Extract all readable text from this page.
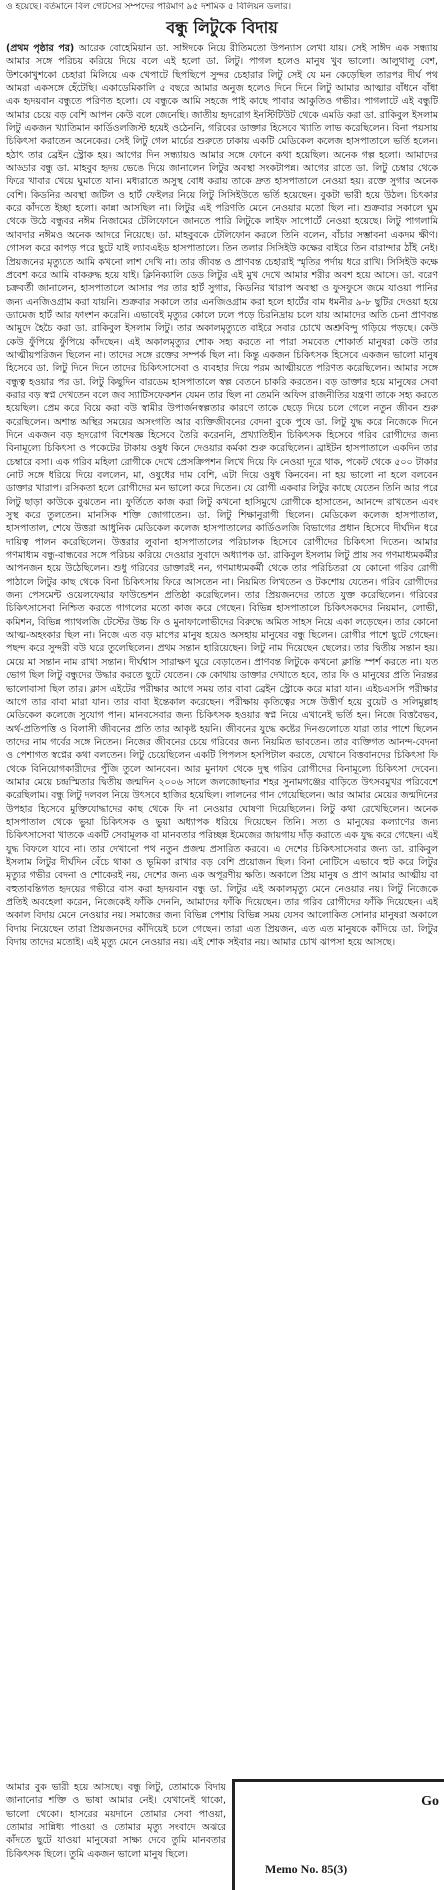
ও হয়েছে। বর্তমানে বিল গেটসের সম্পদের পরিমাণ ৯৫ দশমিক ৫ বিলিয়ন ডলার।
বন্ধু লিটুকে বিদায়
(প্রথম পৃষ্ঠার পর) আরেক বোহেমিয়ান ডা. সাঈদকে নিয়ে রীতিমতো উপন্যাস লেখা যায়। সেই সাঈদ এক সন্ধ্যায় আমার সঙ্গে পরিচয় করিয়ে দিয়ে বলে এই হলো ডা. লিটু। পাগল হলেও মানুষ খুব ভালো। আলুথালু বেশ, উশকোখুশকো চেহারা মিলিয়ে এক খেপাটে ছিপছিপে সুন্দর চেহারার লিটু সেই যে মন কেড়েছিল তারপর দীর্ঘ পথ আমরা একসঙ্গে হেঁটেছি। একাডেমিকালি ৫ বছরে আমার অনুজ হলেও দিনে দিনে লিটু আমার আত্মার বাঁধনে বাঁধা এক হৃদয়বান বন্ধুতে পরিণত হলো। যে বন্ধুকে আমি সহজে পাই কাছে পাবার আকুতিও গভীর। পাগলাটে এই বন্ধুটি আমার চেয়ে বড় বেশি আপন কেউ বলে জেনেছি। জাতীয় হৃদরোগ ইনস্টিটিউট থেকে এমডি করা ডা. রাকিবুল ইসলাম লিটু একজন খ্যাতিমান কার্ডিওলজিস্ট হয়েই ওঠেননি, গরিবের ডাক্তার হিসেবে খ্যাতি লাভ করেছিলেন। বিনা পয়সায় চিকিৎসা করাতেন অনেকের। সেই লিটু গেল মার্চের শুরুতে ঢাকায় একটি মেডিকেল কলেজ হাসপাতালে ভর্তি হলেন। হঠাৎ তার ব্রেইন স্ট্রোক হয়। আগের দিন সন্ধ্যায়ও আমার সঙ্গে ফোনে কথা হয়েছিল। অনেক গল্প হলো। আমাদের আড্ডার বন্ধু ডা. মাহবুব হৃদয় ভেঙে দিয়ে জানালেন লিটুর অবস্থা সংকটাপন্ন। আগের রাতে ডা. লিটু চেম্বার থেকে ফিরে খাবার খেয়ে ঘুমাতে যান। মধ্যরাতে অসুস্থ বোধ করায় তাকে দ্রুত হাসপাতালে নেওয়া হয়। রক্তে সুগার অনেক বেশি। কিডনির অবস্থা জটিল ও হার্ট ফেইলর নিয়ে লিটু সিসিইউতে ভর্তি হয়েছেন। বুকটা ভারী হয়ে উঠল। চিৎকার করে কাঁদতে ইচ্ছা হলো। কান্না আসছিল না। লিটুর এই পরিণতি মেনে নেওয়ার মতো ছিল না। শুক্রবার সকালে ঘুম থেকে উঠে বন্ধুবর নঈম নিজামের টেলিফোনে জানতে পারি লিটুকে লাইফ সাপোর্টে নেওয়া হয়েছে। লিটু পাগলামি আবদার নঈমও অনেক আদরে নিয়েছে। ডা. মাহবুবকে টেলিফোন করলে তিনি বলেন, বাঁচার সম্ভাবনা একদম ক্ষীণ। গোসল করে কাপড় পরে ছুটে যাই ল্যাবএইড হাসপাতালে। তিন তলার সিসিইউ কক্ষের বাইরে তিন বারান্দার ঠাঁই নেই। প্রিয়জনের মৃত্যুতে আমি কখনো লাশ দেখি না। তার জীবন্ত ও প্রাণবন্ত চেহারাই স্মৃতির পর্দায় ধরে রাখি। সিসিইউ কক্ষে প্রবেশ করে আমি বাকরুদ্ধ হয়ে যাই। ক্লিনিক্যালি ডেড লিটুর এই মুখ দেখে আমার শরীর অবশ হয়ে আসে। ডা. বরেণ চক্রবর্তী জানালেন, হাসপাতালে আসার পর তার হার্ট সুগার, কিডনির খারাপ অবস্থা ও ফুসফুসে জমে যাওয়া পানির জন্য এনজিওগ্রাম করা যায়নি। শুক্রবার সকালে তার এনজিওগ্রাম করা হলে হার্টের বাম ধমনীর ৯-৮ ছুটির দেওয়া হয়ে ড্যামেজ হার্ট আর ফাংশন করেনি। এভাবেই মৃত্যুর কোলে ঢলে পড়ে চিরনিদ্রায় চলে যায় আমাদের অতি চেনা প্রাণবন্ত আমুদে হৈচৈ করা ডা. রাকিবুল ইসলাম লিটু। তার অকালমৃত্যুতে বাইরে সবার চোখে অশ্রুবিন্দু গড়িয়ে পড়ছে। কেউ কেউ ফুঁপিয়ে ফুঁপিয়ে কাঁদছেন। এই অকালমৃত্যুর শোক সহ্য করতে না পারা সমবেত শোকার্ত মানুষরা কেউ তার আত্মীয়পরিজন ছিলেন না। তাদের সঙ্গে রক্তের সম্পর্ক ছিল না। কিন্তু একজন চিকিৎসক হিসেবে একজন ভালো মানুষ হিসেবে ডা. লিটু দিনে দিনে তাদের চিকিৎসাসেবা ও ব্যবহার দিয়ে পরম আত্মীয়তে পরিণত করেছিলেন। আমার সঙ্গে বন্ধুত্ব হওয়ার পর ডা. লিটু কিছুদিন বারডেম হাসপাতালে স্বল্প বেতনে চাকরি করতেন। বড় ডাক্তার হয়ে মানুষের সেবা করার বড় স্বপ্ন দেখতেন বলে জব স্যাটিসফেকশন যেমন তার ছিল না তেমনি অফিস রাজনীতির যন্ত্রণা তাকে সহ্য করতে হয়েছিল। প্রেম করে বিয়ে করা বউ স্বামীর উপার্জনস্বল্পতার কারণে তাকে ছেড়ে দিয়ে চলে গেলে নতুন জীবন শুরু করেছিলেন। অশান্ত অস্থির সময়ের অসংগতি আর ব্যক্তিজীবনের বেদনা বুকে পুষে ডা. লিটু যুদ্ধ করে নিজেকে দিনে দিনে একজন বড় হৃদরোগ বিশেষজ্ঞ হিসেবে তৈরি করেননি, প্রখ্যাতিহীন চিকিৎসক হিসেবে গরিব রোগীদের জন্য বিনামূল্যে চিকিৎসা ও পকেটের টাকায় ওষুধ কিনে দেওয়ার কর্মকা শুরু করেছিলেন। ব্রাইটন হাসপাতালে একদিন তার চেম্বারে বসা। এক গরিব মহিলা রোগীকে দেখে প্রেসক্রিপশন লিখে দিয়ে ফি নেওয়া দূরে থাক, পকেট থেকে ৫০০ টাকার নোট সঙ্গে ধরিয়ে দিয়ে বললেন, মা, ওষুধের দাম বেশি, এটা দিয়ে ওষুধ কিনবেন। না হয় ভালো না হলে বলবেন ডাক্তার খারাপ। রসিকতা হলে রোগীদের মন ভালো করে দিতেন। যে রোগী একবার লিটুর কাছে যেতেন তিনি আর পরে লিটু ছাড়া কাউকে বুঝতেন না। ফুর্তিতে কাজ করা লিটু কখনো হাসিমুখে রোগীকে হাসাতেন, আনন্দে রাখতেন এবং সুস্থ করে তুলতেন। মানসিক শক্তি জোগাতেন। ডা. লিটু শিক্ষানুরাগী ছিলেন। মেডিকেল কলেজ হাসপাতাল, হাসপাতাল, শেষে উত্তরা আধুনিক মেডিকেল কলেজ হাসপাতালের কার্ডিওলজি বিভাগের প্রধান হিসেবে দীর্ঘদিন ধরে দায়িত্ব পালন করেছিলেন। উত্তরার লুবানা হাসপাতালের পরিচালক হিসেবে রোগীদের চিকিৎসা দিতেন। আমার গণমাধ্যম বন্ধু-বান্ধবের সঙ্গে পরিচয় করিয়ে দেওয়ার সুবাদে অধ্যাপক ডা. রাকিবুল ইসলাম লিটু প্রায় সব গণমাধ্যমকর্মীর আপনজন হয়ে উঠেছিলেন। শুধু গরিবের ডাক্তারই নন, গণমাধ্যমকর্মী থেকে তার পরিচিতরা যে কোনো গরিব রোগী পাঠালে লিটুর কাছ থেকে বিনা চিকিৎসায় ফিরে আসতেন না। নিয়মিত লিখতেন ও টকশোয় যেতেন। গরিব রোগীদের জন্য পেসমেন্ট ওয়েলফেয়ার ফাউন্ডেশন প্রতিষ্ঠা করেছিলেন। তার প্রিয়জনদের তাতে যুক্ত করেছিলেন। গরিবের চিকিৎসাসেবা নিশ্চিত করতে গাগলের মতো কাজ করে গেছেন। বিভিন্ন হাসপাতালে চিকিৎসকদের নিয়মান, লোভী, কমিশন, বিভিন্ন প্যাথলজি টেস্টের উচ্চ ফি ও মুনাফালোভীদের বিরুদ্ধে অমিত সাহস নিয়ে একা লড়েছেন। তার কোনো আত্ম-অহংকার ছিল না। নিজে এত বড় মাপের মানুষ হয়েও অসহায় মানুষের বন্ধু ছিলেন। রোগীর পাশে ছুটে গেছেন। পছন্দ করে সুন্দরী বউ ঘরে তুলেছিলেন। প্রথম সন্তান হারিয়েছেন। লিটু নাম দিয়েছেন ছেলের। তার দ্বিতীয় সন্তান হয়। মেয়ে মা সন্তান নাম রাখা সন্তান। দীর্ঘশ্বাস সারাক্ষণ ঘুরে বেড়াতেন। প্রাণবন্ত লিটুকে কখনো ক্লান্তি স্পর্শ করতে না। যত ভোগ ছিল লিটু বন্ধুদের উদ্ধার করতে ছুটে যেতেন। কে কোথায় ডাক্তার দেখাতে হবে, তার ফি ও মানুষের প্রতি নিরন্তর ভালোবাসা ছিল তার। ক্লাস এইটের পরীক্ষার আগে সময় তার বাবা ব্রেইন স্ট্রোকে করে মারা যান। এইচএসসি পরীক্ষার আগে তার বাবা মারা যান। তার বাবা ইন্তেকাল করেছেন। পরীক্ষায় কৃতিত্বের সঙ্গে উত্তীর্ণ হয়ে বুয়েট ও সলিমুল্লাহ মেডিকেল কলেজে সুযোগ পান। মানবসেবার জন্য চিকিৎসক হওয়ার স্বপ্ন নিয়ে এখানেই ভর্তি হন। নিজে বিত্তবৈভব, অর্থ-প্রতিপত্তি ও বিলাসী জীবনের প্রতি তার আকৃষ্ট হয়নি। জীবনের যুদ্ধে কষ্টের দিনগুলোতে যারা তার পাশে ছিলেন তাদের নাম গর্বের সঙ্গে নিতেন। নিজের জীবনের চেয়ে গরিবের জন্য নিয়মিত ভাবতেন। তার ব্যক্তিগত আনন্দ-বেদনা ও পেশাগত স্বপ্নের কথা বলতেন। লিটু চেয়েছিলেন একটি পিপলস হসপিটাল করতে, যেখানে বিত্তবানদের চিকিৎসা ফি থেকে বিনিয়োগকারীদের পুঁজি তুলে আনবেন। আর মুনাফা থেকে দুস্থ গরিব রোগীদের বিনামূল্যে চিকিৎসা দেবেন। আমার মেয়ে চন্দ্রস্মিতার দ্বিতীয় জন্মদিন ২০০৬ সালে জলজোছনার শহর সুনামগঞ্জের বাড়িতে উৎসবমুখর পরিবেশে করেছিলাম। বন্ধু লিটু দলবল নিয়ে উৎসবে হাজির হয়েছিল। লালনের গান গেয়েছিলেন। আর আমার মেয়ের জন্মদিনের উপহার হিসেবে মুক্তিযোদ্ধাদের কাছ থেকে ফি না নেওয়ার ঘোষণা দিয়েছিলেন। লিটু কথা রেখেছিলেন। অনেক হাসপাতাল থেকে ভুয়া চিকিৎসক ও ভুয়া অধ্যাপক ধরিয়ে দিয়েছেন তিনি। সত্য ও মানুষের কল্যাণের জন্য চিকিৎসাসেবা খাতকে একটি সেবামূলক বা মানবতার পরিচ্ছন্ন ইমেজের জায়গায় দাঁড় করাতে এক যুদ্ধ করে গেছেন। এই যুদ্ধ বিফলে যাবে না। তার দেখানো পথ নতুন প্রজন্ম প্রসারিত করবে। এ দেশের চিকিৎসাসেবার জন্য ডা. রাকিবুল ইসলাম লিটুর দীর্ঘদিন বেঁচে থাকা ও ভূমিকা রাখার বড় বেশি প্রয়োজন ছিল। বিনা নোটিসে এভাবে হুট করে লিটুর মৃত্যুর গভীর বেদনা ও শোকেরই নয়, দেশের জন্য এক অপূরণীয় ক্ষতি। অকালে প্রিয় মানুষ ও প্রাণ আমার আত্মীয় বা বহুতাবন্তিগত হৃদয়ের গভীরে বাস করা হৃদয়বান বন্ধু ডা. লিটুর এই অকালমৃত্যু মেনে নেওয়ার নয়। লিটু নিজেকে প্রতিই অবহেলা করেন, নিজেকেই ফাঁকি দেননি, আমাদের ফাঁকি দিয়েছেন। তার গরিব রোগীদের ফাঁকি দিয়েছেন। এই অকাল বিদায় মেনে নেওয়ার নয়। সমাজের জন্য বিভিন্ন পেশায় বিভিন্ন সময় যেসব আলোকিত সোনার মানুষরা অকালে বিদায় নিয়েছেন তারা প্রিয়জনদের কাঁদিয়েই চলে গেছেন। তারা এত প্রিয়জন, এত এত মানুষকে কাঁদিয়ে ডা. লিটুর বিদায় তাদের মতোই। এই মৃত্যু মেনে নেওয়ার নয়। এই শোক সইবার নয়। আমার চোখ ঝাপসা হয়ে আসছে।
আমার বুক ভারী হয়ে আসছে। বন্ধু লিটু, তোমাকে বিদায় জানানোর শক্তি ও ভাষা আমার নেই। যেখানেই থাকো, ভালো থেকো। হাসরের ময়দানে তোমার সেবা পাওয়া, তোমার সান্নিধ্য পাওয়া ও তোমার মৃত্যু সংবাদে অঝরে কাঁদতে ছুটে যাওয়া মানুষেরা সাক্ষ্য দেবে তুমি মানবতার চিকিৎসক ছিলে। তুমি একজন ভালো মানুষ ছিলে।
Go
Memo No. 85(3)
